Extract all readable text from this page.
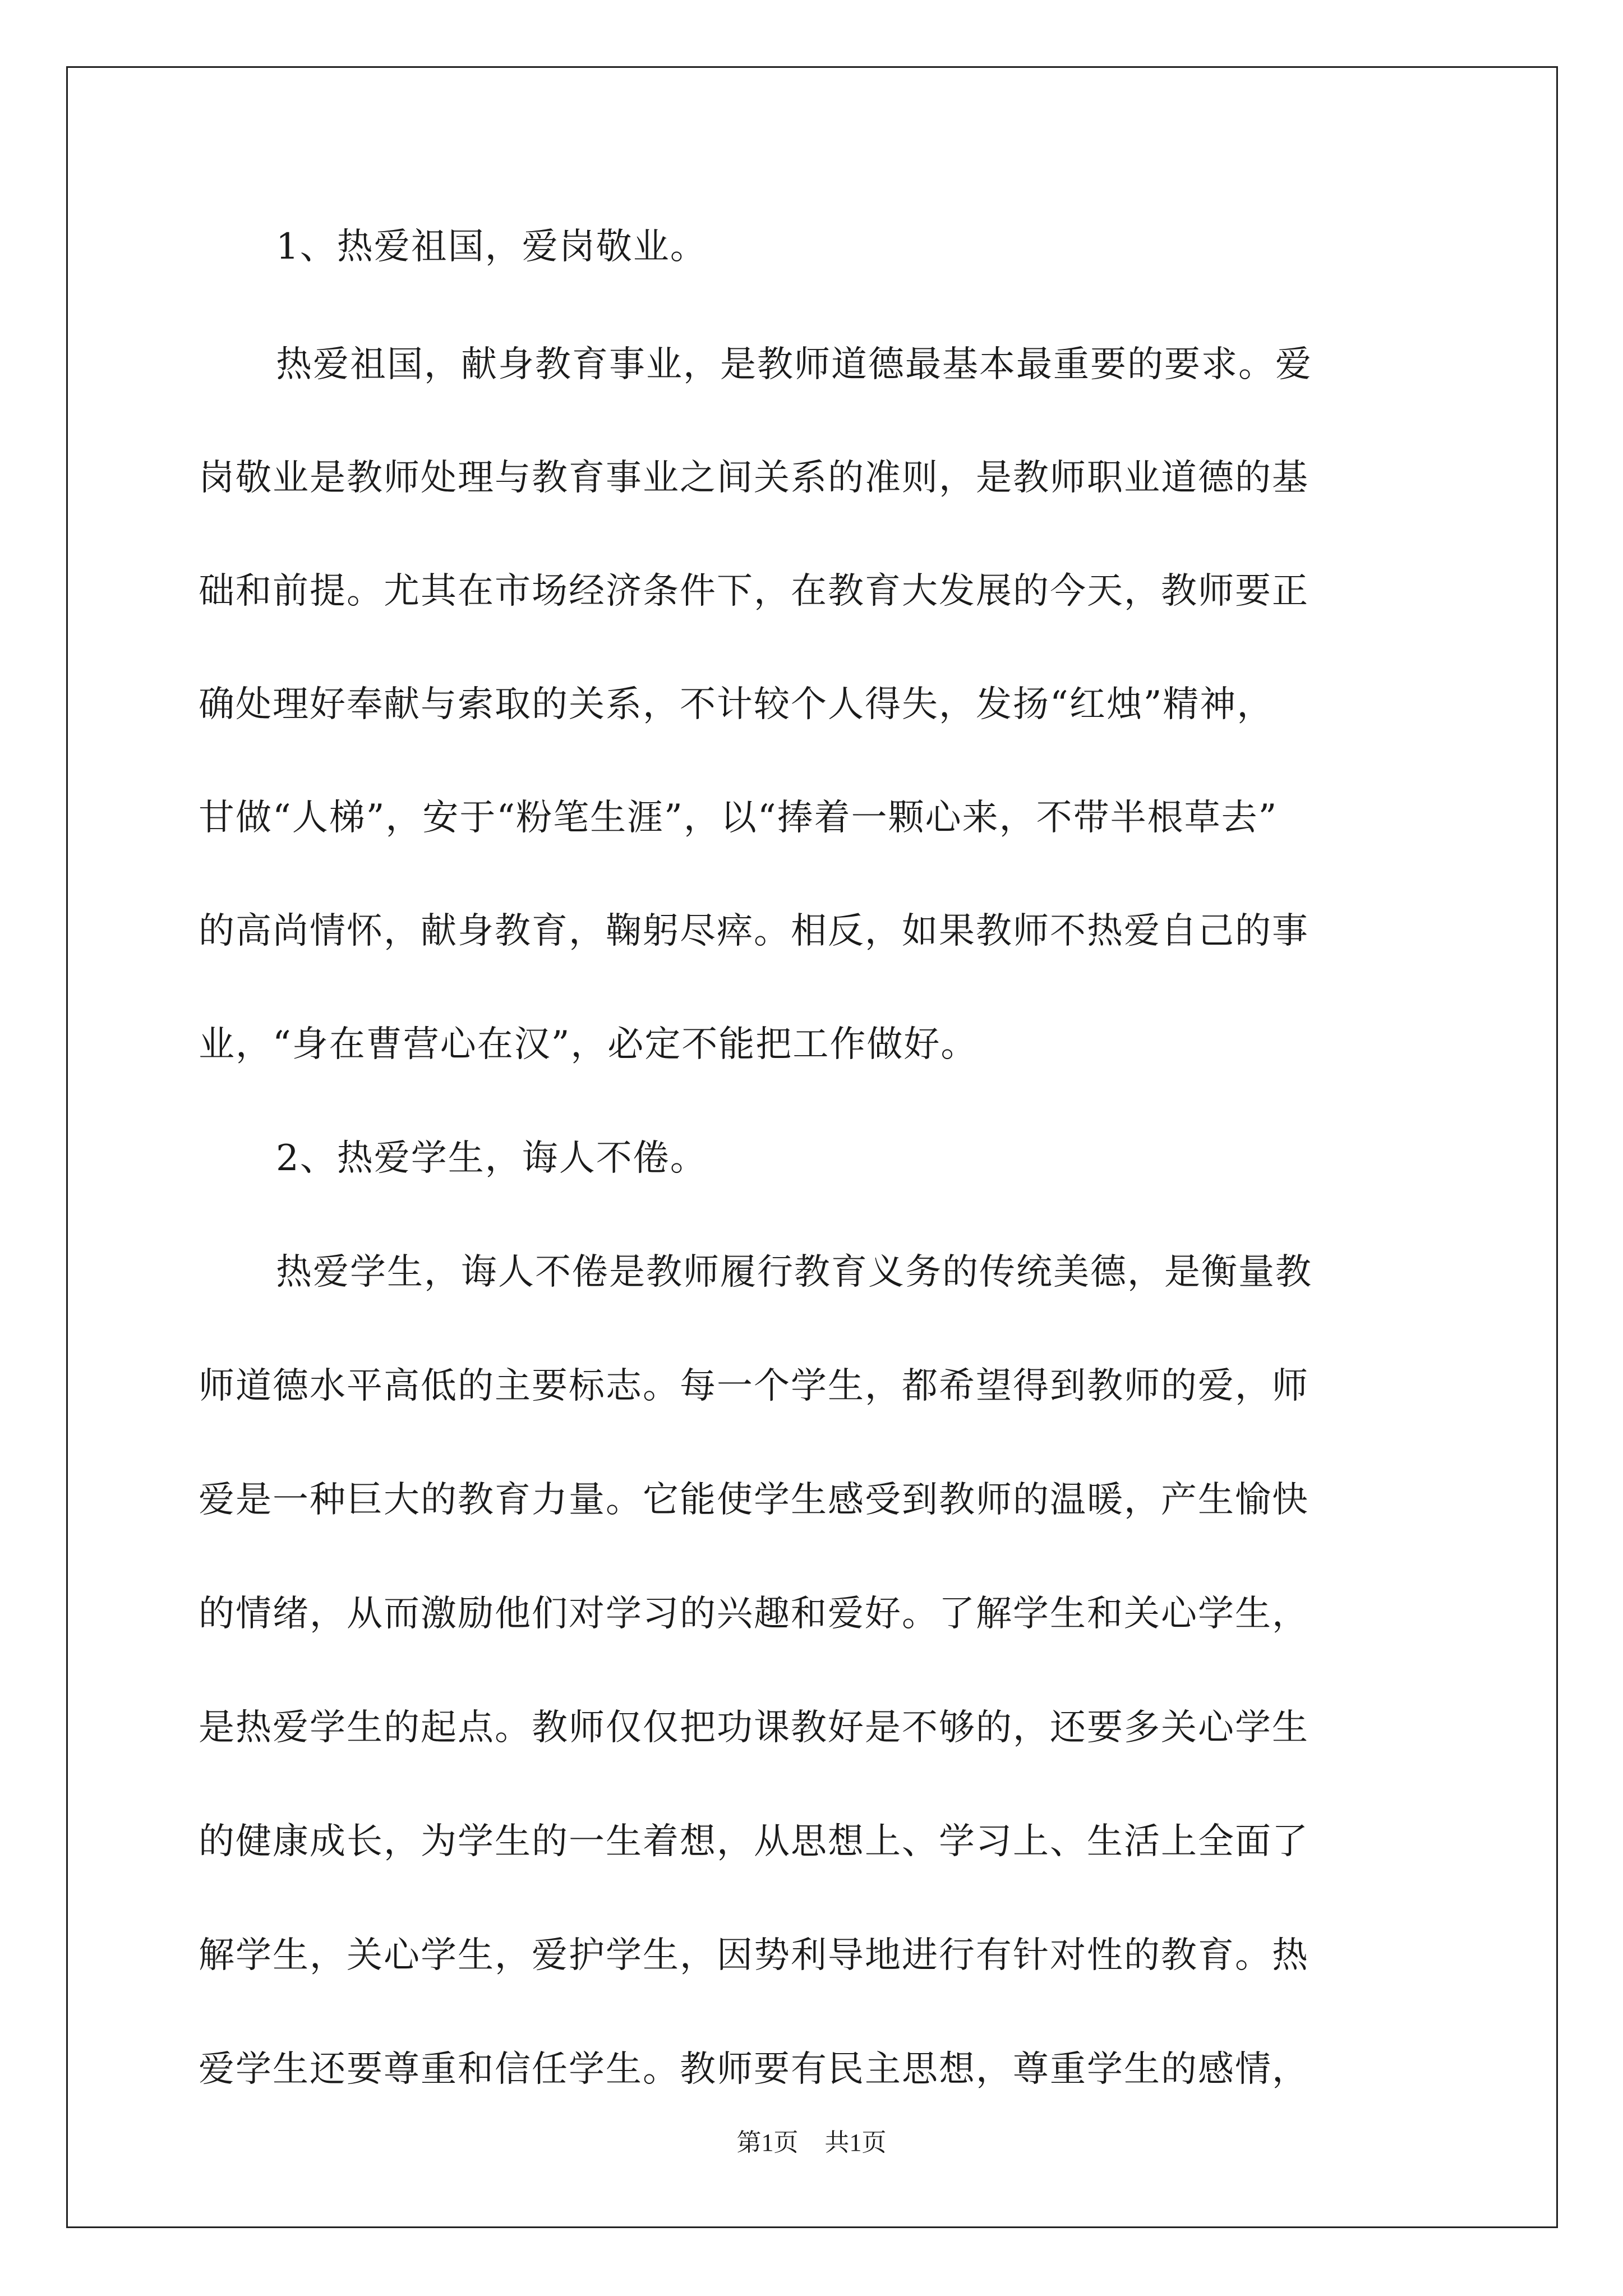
1、热爱祖国，爱岗敬业。
热爱祖国，献身教育事业，是教师道德最基本最重要的要求。爱
岗敬业是教师处理与教育事业之间关系的准则，是教师职业道德的基
础和前提。尤其在市场经济条件下，在教育大发展的今天，教师要正
确处理好奉献与索取的关系，不计较个人得失，发扬“红烛”精神，
甘做“人梯”，安于“粉笔生涯”，以“捧着一颗心来，不带半根草去”
的高尚情怀，献身教育，鞠躬尽瘁。相反，如果教师不热爱自己的事
业，“身在曹营心在汉”，必定不能把工作做好。
2、热爱学生，诲人不倦。
热爱学生，诲人不倦是教师履行教育义务的传统美德，是衡量教
师道德水平高低的主要标志。每一个学生，都希望得到教师的爱，师
爱是一种巨大的教育力量。它能使学生感受到教师的温暖，产生愉快
的情绪，从而激励他们对学习的兴趣和爱好。了解学生和关心学生，
是热爱学生的起点。教师仅仅把功课教好是不够的，还要多关心学生
的健康成长，为学生的一生着想，从思想上、学习上、生活上全面了
解学生，关心学生，爱护学生，因势利导地进行有针对性的教育。热
爱学生还要尊重和信任学生。教师要有民主思想，尊重学生的感情，
第1页 共1页
